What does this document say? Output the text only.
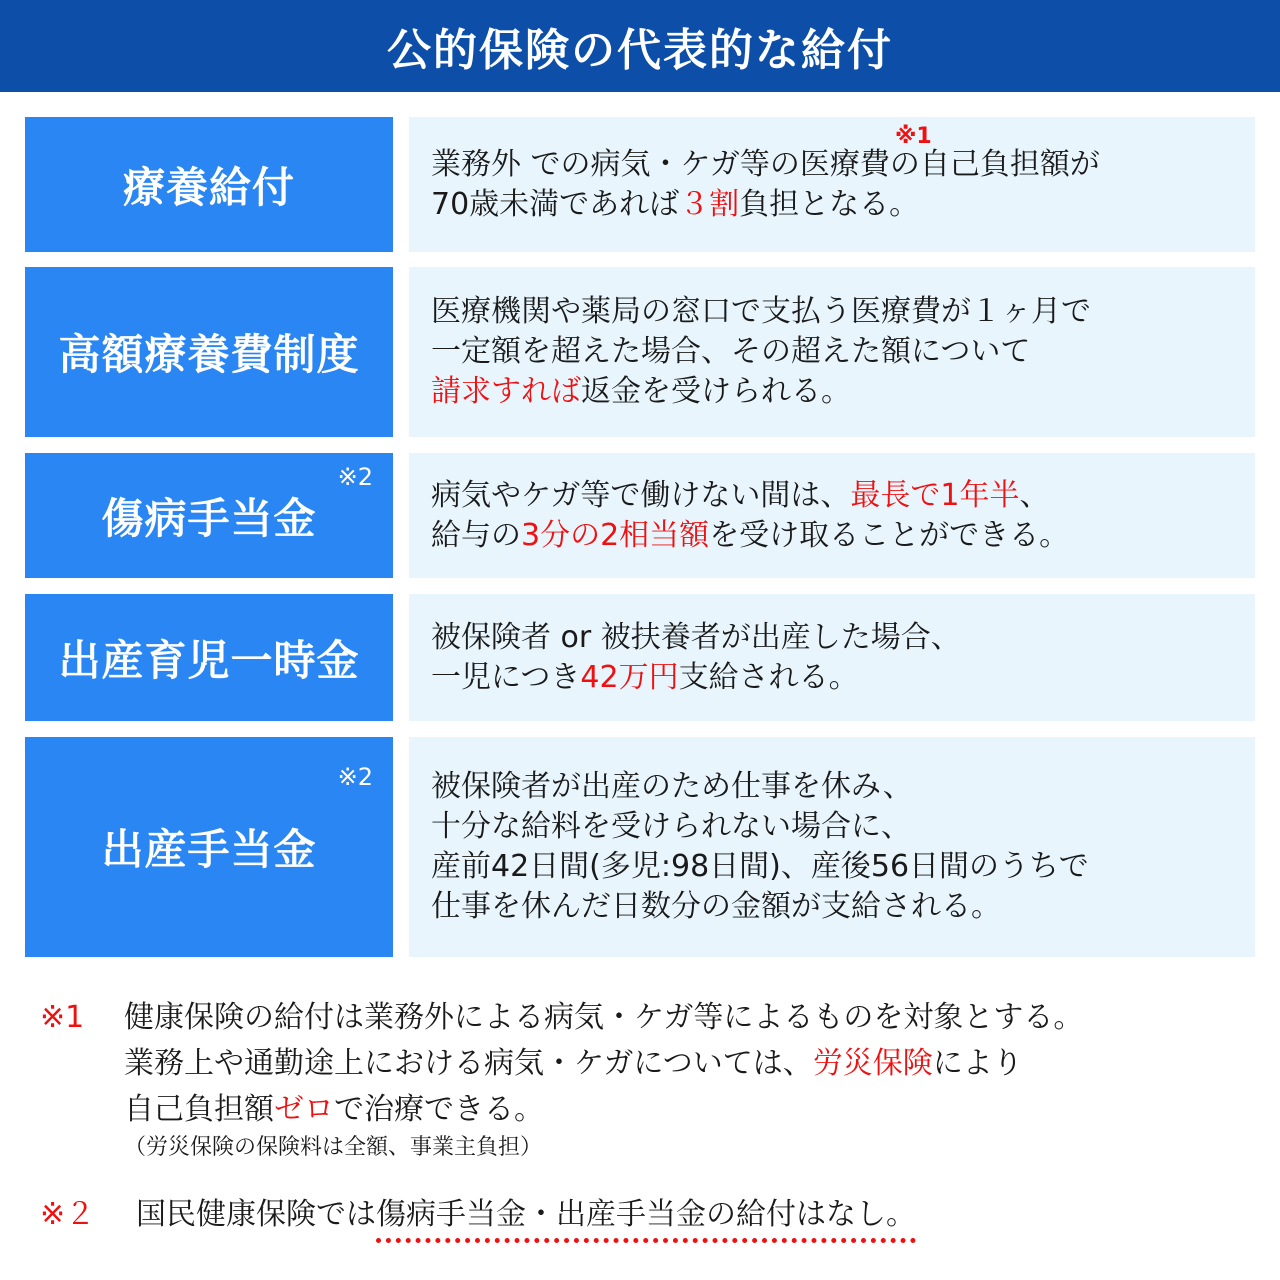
公的保険の代表的な給付
療養給付
※1
業務外 での病気・ケガ等の医療費の自己負担額が
70歳未満であれば３割負担となる。
高額療養費制度
医療機関や薬局の窓口で支払う医療費が１ヶ月で
一定額を超えた場合、その超えた額について
請求すれば返金を受けられる。
傷病手当金
※2
病気やケガ等で働けない間は、最長で1年半、
給与の3分の2相当額を受け取ることができる。
出産育児一時金 被保険者 or 被扶養者が出産した場合、
一児につき42万円支給される。
出産手当金
※2 被保険者が出産のため仕事を休み、
十分な給料を受けられない場合に、
産前42日間(多児:98日間)、産後56日間のうちで
仕事を休んだ日数分の金額が支給される。
※1 健康保険の給付は業務外による病気・ケガ等によるものを対象とする。
業務上や通勤途上における病気・ケガについては、労災保険により
自己負担額ゼロで治療できる。
（労災保険の保険料は全額、事業主負担）
※２ 国民健康保険では傷病手当金・出産手当金の給付はなし。
